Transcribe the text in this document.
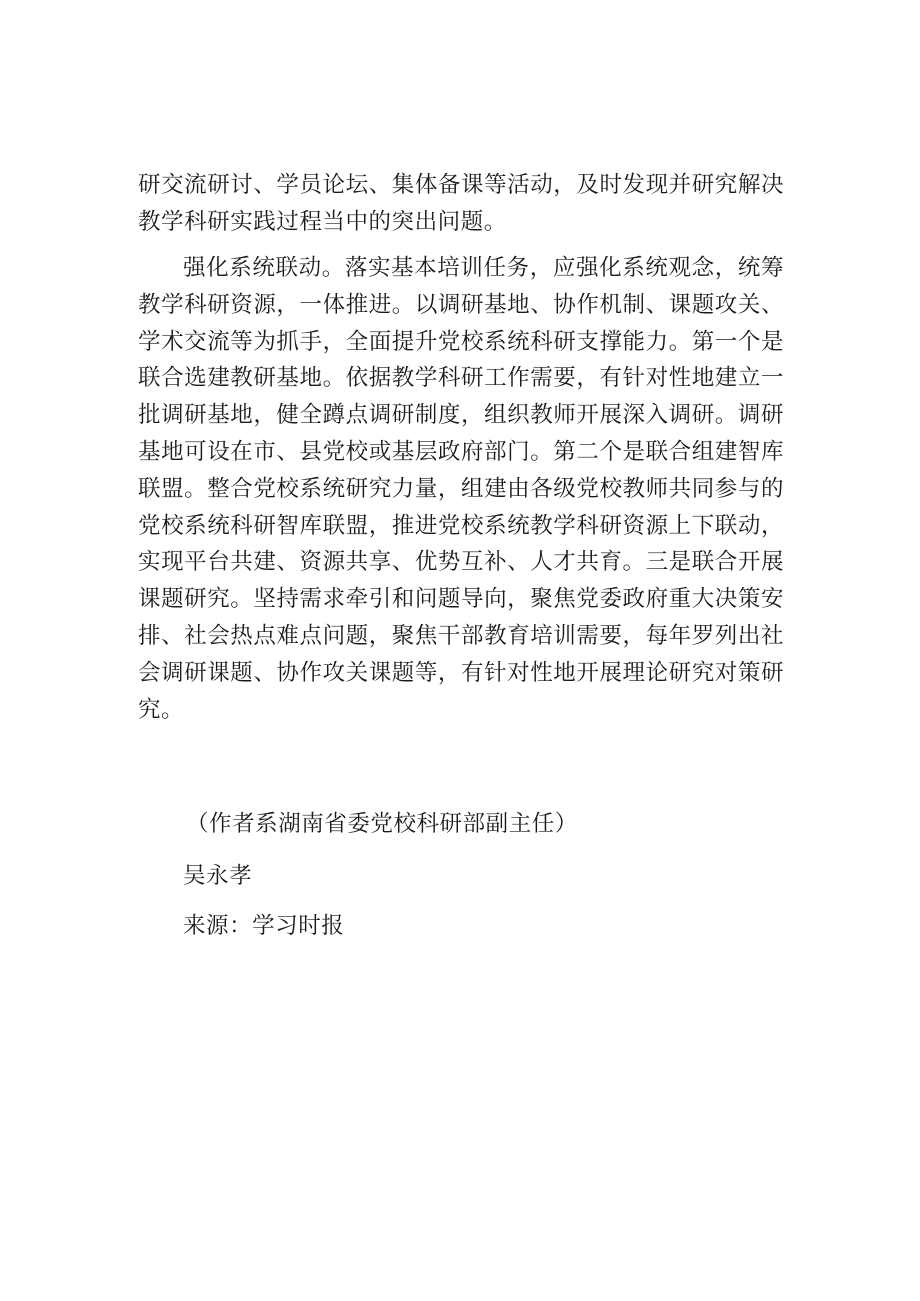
研交流研讨、学员论坛、集体备课等活动，及时发现并研究解决教学科研实践过程当中的突出问题。
强化系统联动。落实基本培训任务，应强化系统观念，统筹教学科研资源，一体推进。以调研基地、协作机制、课题攻关、学术交流等为抓手，全面提升党校系统科研支撑能力。第一个是联合选建教研基地。依据教学科研工作需要，有针对性地建立一批调研基地，健全蹲点调研制度，组织教师开展深入调研。调研基地可设在市、县党校或基层政府部门。第二个是联合组建智库联盟。整合党校系统研究力量，组建由各级党校教师共同参与的党校系统科研智库联盟，推进党校系统教学科研资源上下联动，实现平台共建、资源共享、优势互补、人才共育。三是联合开展课题研究。坚持需求牵引和问题导向，聚焦党委政府重大决策安排、社会热点难点问题，聚焦干部教育培训需要，每年罗列出社会调研课题、协作攻关课题等，有针对性地开展理论研究对策研究。
（作者系湖南省委党校科研部副主任）
吴永孝
来源：学习时报
